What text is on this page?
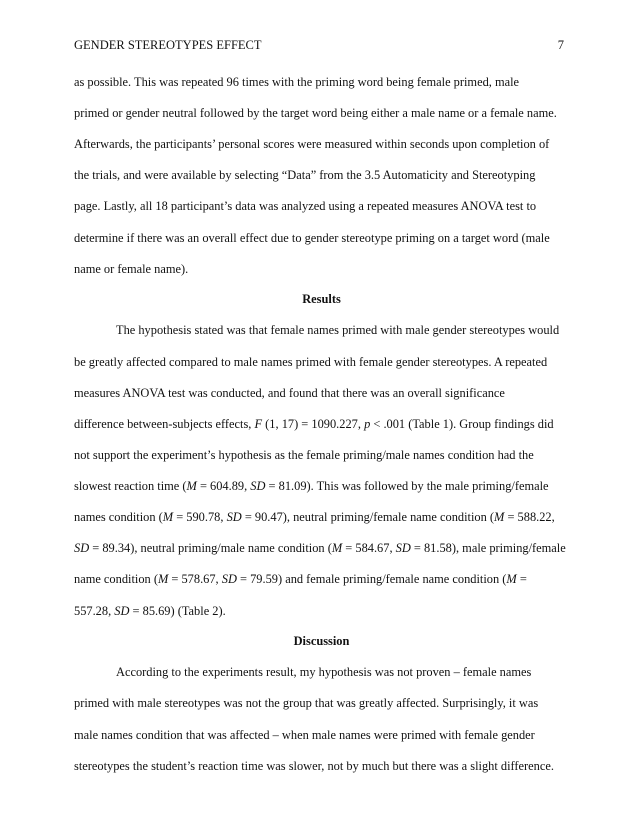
GENDER STEREOTYPES EFFECT	7
as possible. This was repeated 96 times with the priming word being female primed, male
primed or gender neutral followed by the target word being either a male name or a female name.
Afterwards, the participants’ personal scores were measured within seconds upon completion of
the trials, and were available by selecting “Data” from the 3.5 Automaticity and Stereotyping
page. Lastly, all 18 participant’s data was analyzed using a repeated measures ANOVA test to
determine if there was an overall effect due to gender stereotype priming on a target word (male
name or female name).
Results
The hypothesis stated was that female names primed with male gender stereotypes would
be greatly affected compared to male names primed with female gender stereotypes. A repeated
measures ANOVA test was conducted, and found that there was an overall significance
difference between-subjects effects, F (1, 17) = 1090.227, p < .001 (Table 1). Group findings did
not support the experiment’s hypothesis as the female priming/male names condition had the
slowest reaction time (M = 604.89, SD = 81.09). This was followed by the male priming/female
names condition (M = 590.78, SD = 90.47), neutral priming/female name condition (M = 588.22,
SD = 89.34), neutral priming/male name condition (M = 584.67, SD = 81.58), male priming/female
name condition (M = 578.67, SD = 79.59) and female priming/female name condition (M =
557.28, SD = 85.69) (Table 2).
Discussion
According to the experiments result, my hypothesis was not proven – female names
primed with male stereotypes was not the group that was greatly affected. Surprisingly, it was
male names condition that was affected – when male names were primed with female gender
stereotypes the student’s reaction time was slower, not by much but there was a slight difference.
